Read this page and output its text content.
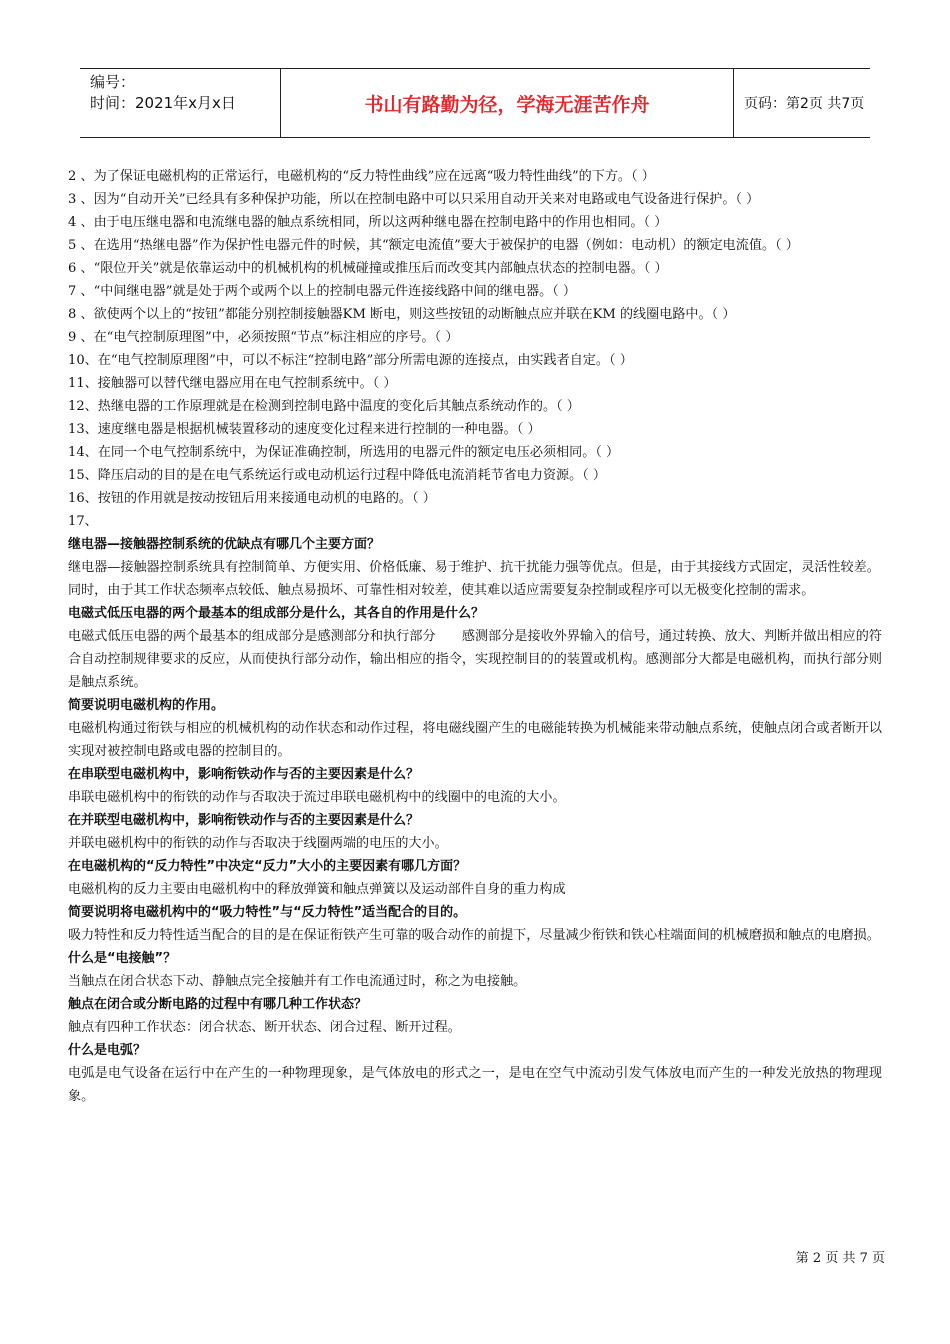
编号：
时间：2021年x月x日	书山有路勤为径，学海无涯苦作舟	页码：第2页 共7页

2 、为了保证电磁机构的正常运行，电磁机构的“反力特性曲线”应在远离“吸力特性曲线”的下方。（ ）

3 、因为“自动开关”已经具有多种保护功能，所以在控制电路中可以只采用自动开关来对电路或电气设备进行保护。（ ）

4 、由于电压继电器和电流继电器的触点系统相同，所以这两种继电器在控制电路中的作用也相同。（ ）

5 、在选用“热继电器”作为保护性电器元件的时候，其“额定电流值”要大于被保护的电器（例如：电动机）的额定电流值。（ ）

6 、“限位开关”就是依靠运动中的机械机构的机械碰撞或推压后而改变其内部触点状态的控制电器。（ ）

7 、“中间继电器”就是处于两个或两个以上的控制电器元件连接线路中间的继电器。（ ）

8 、欲使两个以上的“按钮”都能分别控制接触器KM 断电，则这些按钮的动断触点应并联在KM 的线圈电路中。（ ）

9 、在“电气控制原理图”中，必须按照“节点”标注相应的序号。（ ）

10、在“电气控制原理图”中，可以不标注“控制电路”部分所需电源的连接点，由实践者自定。（ ）

11、接触器可以替代继电器应用在电气控制系统中。（ ）

12、热继电器的工作原理就是在检测到控制电路中温度的变化后其触点系统动作的。（ ）

13、速度继电器是根据机械装置移动的速度变化过程来进行控制的一种电器。（ ）

14、在同一个电气控制系统中，为保证准确控制，所选用的电器元件的额定电压必须相同。（ ）

15、降压启动的目的是在电气系统运行或电动机运行过程中降低电流消耗节省电力资源。（ ）

16、按钮的作用就是按动按钮后用来接通电动机的电路的。（ ）

17、

继电器—接触器控制系统的优缺点有哪几个主要方面？

继电器—接触器控制系统具有控制简单、方便实用、价格低廉、易于维护、抗干扰能力强等优点。但是，由于其接线方式固定，灵活性较差。

同时，由于其工作状态频率点较低、触点易损坏、可靠性相对较差，使其难以适应需要复杂控制或程序可以无极变化控制的需求。

电磁式低压电器的两个最基本的组成部分是什么，其各自的作用是什么？

电磁式低压电器的两个最基本的组成部分是感测部分和执行部分　　感测部分是接收外界输入的信号，通过转换、放大、判断并做出相应的符合自动控制规律要求的反应，从而使执行部分动作，输出相应的指令，实现控制目的的装置或机构。感测部分大都是电磁机构，而执行部分则是触点系统。

简要说明电磁机构的作用。

电磁机构通过衔铁与相应的机械机构的动作状态和动作过程，将电磁线圈产生的电磁能转换为机械能来带动触点系统，使触点闭合或者断开以实现对被控制电路或电器的控制目的。

在串联型电磁机构中，影响衔铁动作与否的主要因素是什么？

串联电磁机构中的衔铁的动作与否取决于流过串联电磁机构中的线圈中的电流的大小。

在并联型电磁机构中，影响衔铁动作与否的主要因素是什么？

并联电磁机构中的衔铁的动作与否取决于线圈两端的电压的大小。

在电磁机构的“反力特性”中决定“反力”大小的主要因素有哪几方面？

电磁机构的反力主要由电磁机构中的释放弹簧和触点弹簧以及运动部件自身的重力构成

简要说明将电磁机构中的“吸力特性”与“反力特性”适当配合的目的。

吸力特性和反力特性适当配合的目的是在保证衔铁产生可靠的吸合动作的前提下，尽量减少衔铁和铁心柱端面间的机械磨损和触点的电磨损。

什么是“电接触”？

当触点在闭合状态下动、静触点完全接触并有工作电流通过时，称之为电接触。

触点在闭合或分断电路的过程中有哪几种工作状态？

触点有四种工作状态：闭合状态、断开状态、闭合过程、断开过程。

什么是电弧？

电弧是电气设备在运行中在产生的一种物理现象，是气体放电的形式之一，是电在空气中流动引发气体放电而产生的一种发光放热的物理现象。

第 2 页 共 7 页
